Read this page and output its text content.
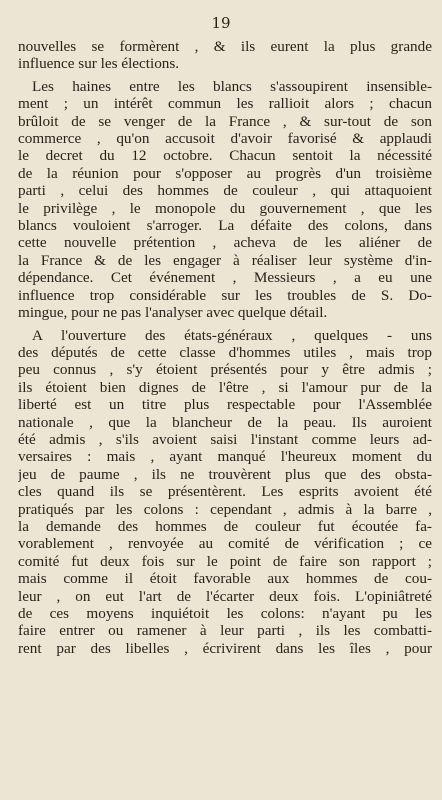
19
nouvelles se formèrent , & ils eurent la plus grande
influence sur les élections.
Les haines entre les blancs s'assoupirent insensible-
ment ; un intérêt commun les rallioit alors ; chacun
brûloit de se venger de la France , & sur-tout de son
commerce , qu'on accusoit d'avoir favorisé & applaudi
le decret du 12 octobre. Chacun sentoit la nécessité
de la réunion pour s'opposer au progrès d'un troisième
parti , celui des hommes de couleur , qui attaquoient
le privilège , le monopole du gouvernement , que les
blancs vouloient s'arroger. La défaite des colons, dans
cette nouvelle prétention , acheva de les aliéner de
la France & de les engager à réaliser leur système d'in-
dépendance. Cet événement , Messieurs , a eu une
influence trop considérable sur les troubles de S. Do-
mingue, pour ne pas l'analyser avec quelque détail.
A l'ouverture des états-généraux , quelques - uns
des députés de cette classe d'hommes utiles , mais trop
peu connus , s'y étoient présentés pour y être admis ;
ils étoient bien dignes de l'être , si l'amour pur de la
liberté est un titre plus respectable pour l'Assemblée
nationale , que la blancheur de la peau. Ils auroient
été admis , s'ils avoient saisi l'instant comme leurs ad-
versaires : mais , ayant manqué l'heureux moment du
jeu de paume , ils ne trouvèrent plus que des obsta-
cles quand ils se présentèrent. Les esprits avoient été
pratiqués par les colons : cependant , admis à la barre ,
la demande des hommes de couleur fut écoutée fa-
vorablement , renvoyée au comité de vérification ; ce
comité fut deux fois sur le point de faire son rapport ;
mais comme il étoit favorable aux hommes de cou-
leur , on eut l'art de l'écarter deux fois. L'opiniâtreté
de ces moyens inquiétoit les colons: n'ayant pu les
faire entrer ou ramener à leur parti , ils les combatti-
rent par des libelles , écrivirent dans les îles , pour
